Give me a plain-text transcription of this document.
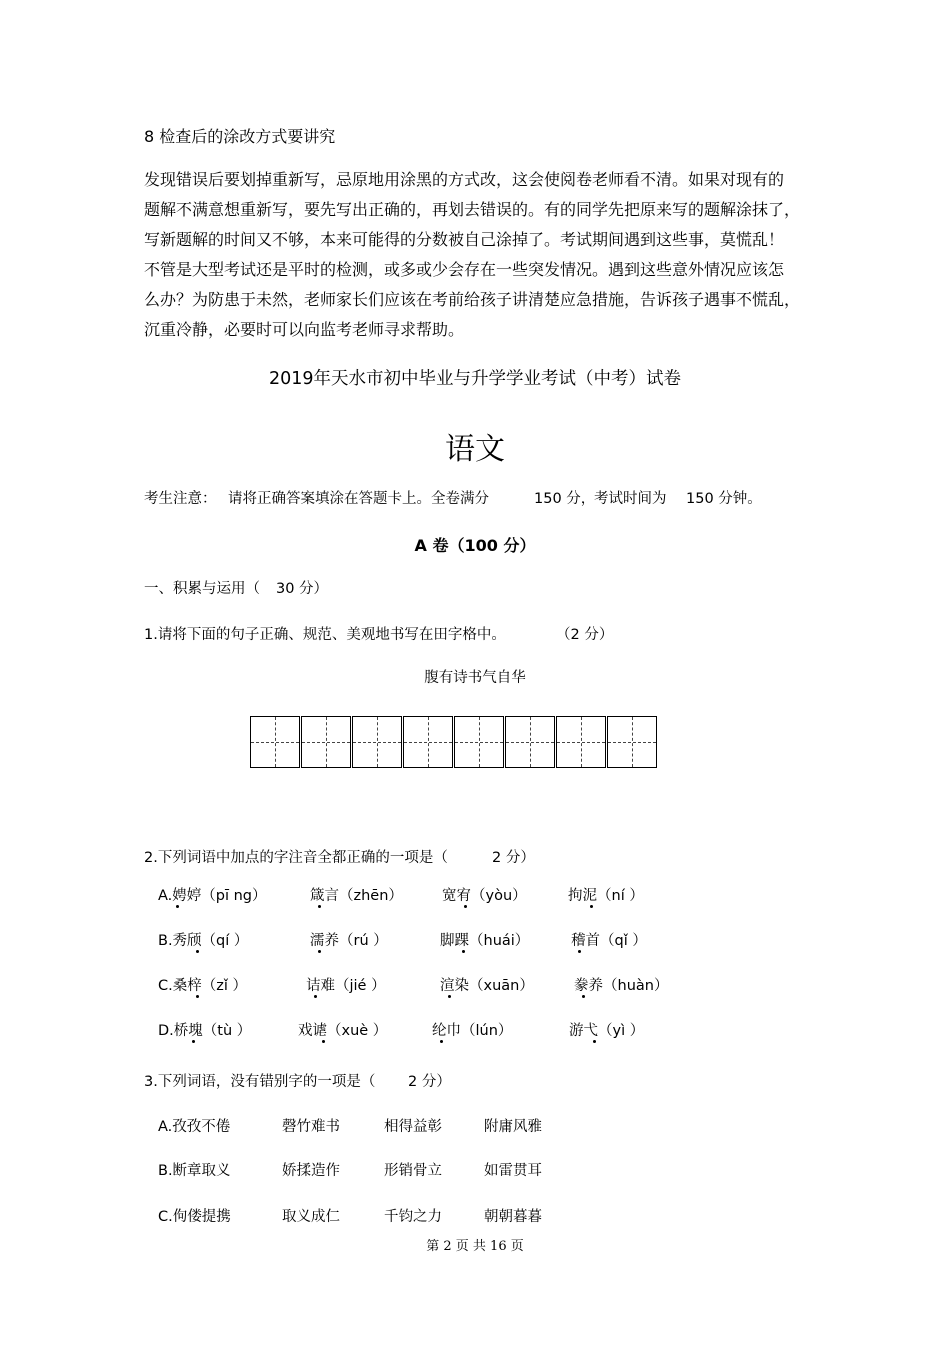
8 检查后的涂改方式要讲究
发现错误后要划掉重新写，忌原地用涂黑的方式改，这会使阅卷老师看不清。如果对现有的
题解不满意想重新写，要先写出正确的，再划去错误的。有的同学先把原来写的题解涂抹了，
写新题解的时间又不够，本来可能得的分数被自己涂掉了。考试期间遇到这些事，莫慌乱！
不管是大型考试还是平时的检测，或多或少会存在一些突发情况。遇到这些意外情况应该怎
么办？为防患于未然，老师家长们应该在考前给孩子讲清楚应急措施，告诉孩子遇事不慌乱，
沉重冷静，必要时可以向监考老师寻求帮助。
2019年天水市初中毕业与升学学业考试（中考）试卷
语文
考生注意： 请将正确答案填涂在答题卡上。全卷满分	150 分，
考试时间为 150 分钟。
A 卷（100 分）
一、积累与运用（ 30 分）
1.请将下面的句子正确、规范、美观地书写在田字格中。	（2 分）
腹有诗书气自华
2.下列词语中加点的字注音全都正确的一项是（	2 分）
A.娉婷（pī ng）	箴言（zhēn）	宽宥（yòu）	拘泥（ní ）
B.秀颀（qí ）	濡养（rú ）	脚踝（huái）	稽首（qǐ ）
C.桑梓（zǐ ）	诘难（jié ）	渲染（xuān）	豢养（huàn）
D.桥塊（tù ）	戏谑（xuè ）	纶巾（lún）	游弋（yì ）
3.下列词语，没有错别字的一项是（ 2 分）
A.孜孜不倦	磬竹难书	相得益彰	附庸风雅
B.断章取义	娇揉造作	形销骨立	如雷贯耳
C.佝偻提携	取义成仁	千钧之力	朝朝暮暮
第 2 页 共 16 页
